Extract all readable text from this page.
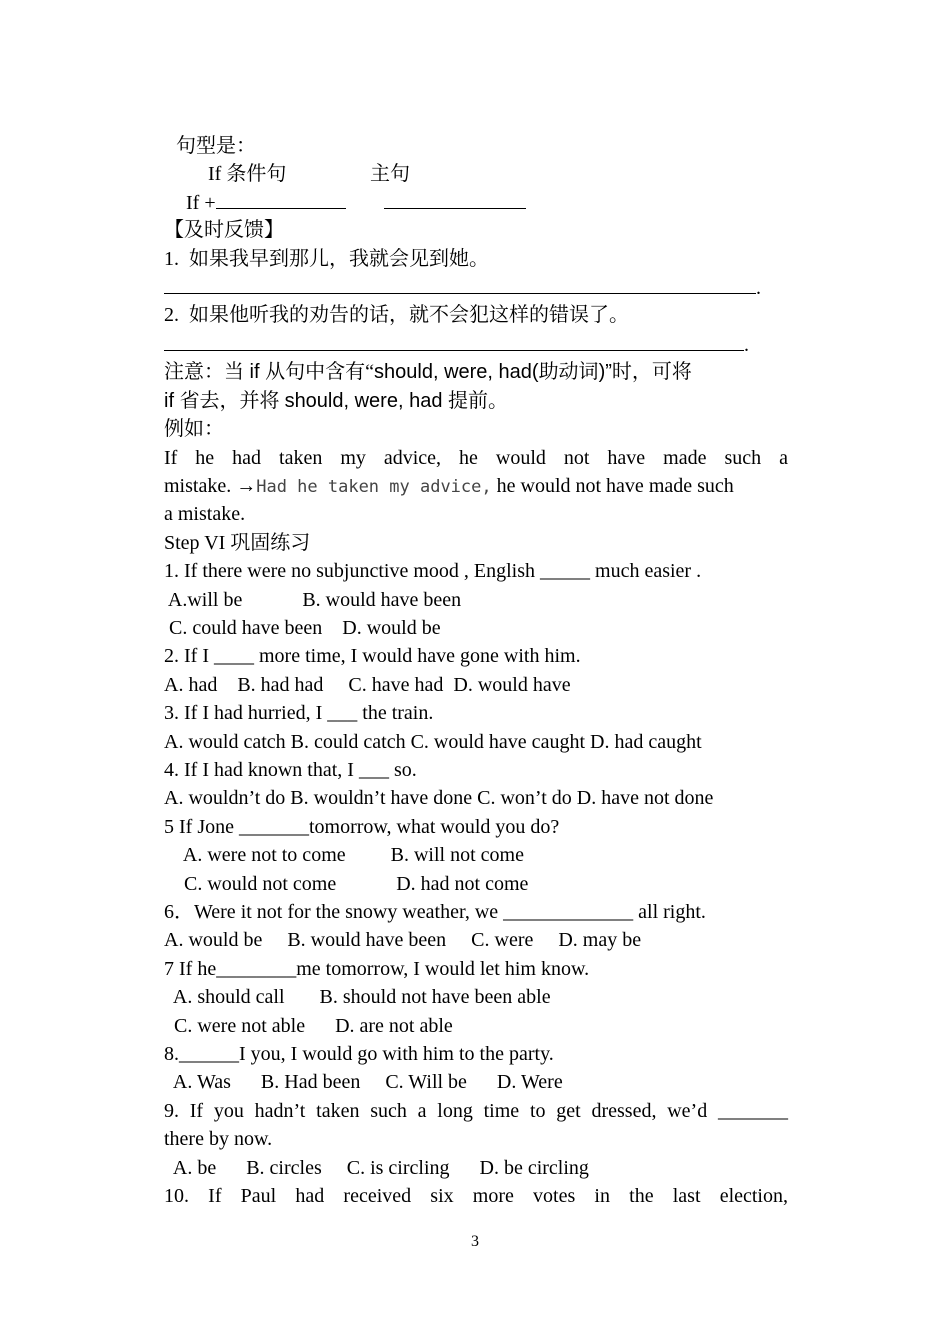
句型是：
If 条件句	主句
If +
【及时反馈】
1.  如果我早到那儿，我就会见到她。
.
2.  如果他听我的劝告的话，就不会犯这样的错误了。
.
注意：当 if 从句中含有“should, were, had(助动词)”时，可将
if 省去，并将 should, were, had 提前。
例如：
If he had taken my advice, he would not have made such a
mistake. →Had he taken my advice, he would not have made such
a mistake.
Step VI 巩固练习
1. If there were no subjunctive mood , English _____ much easier .
A.will be            B. would have been
C. could have been    D. would be
2. If I ____ more time, I would have gone with him.
A. had    B. had had     C. have had  D. would have
3. If I had hurried, I ___ the train.
A. would catch B. could catch C. would have caught D. had caught
4. If I had known that, I ___ so.
A. wouldn’t do B. wouldn’t have done C. won’t do D. have not done
5 If Jone _______tomorrow, what would you do?
A. were not to come         B. will not come
C. would not come            D. had not come
6．Were it not for the snowy weather, we _____________ all right.
A. would be     B. would have been     C. were     D. may be
7 If he________me tomorrow, I would let him know.
A. should call       B. should not have been able
C. were not able      D. are not able
8.______I you, I would go with him to the party.
A. Was      B. Had been     C. Will be      D. Were
9. If you hadn’t taken such a long time to get dressed, we’d _______
there by now.
A. be      B. circles     C. is circling      D. be circling
10. If Paul had received six more votes in the last election,
3
